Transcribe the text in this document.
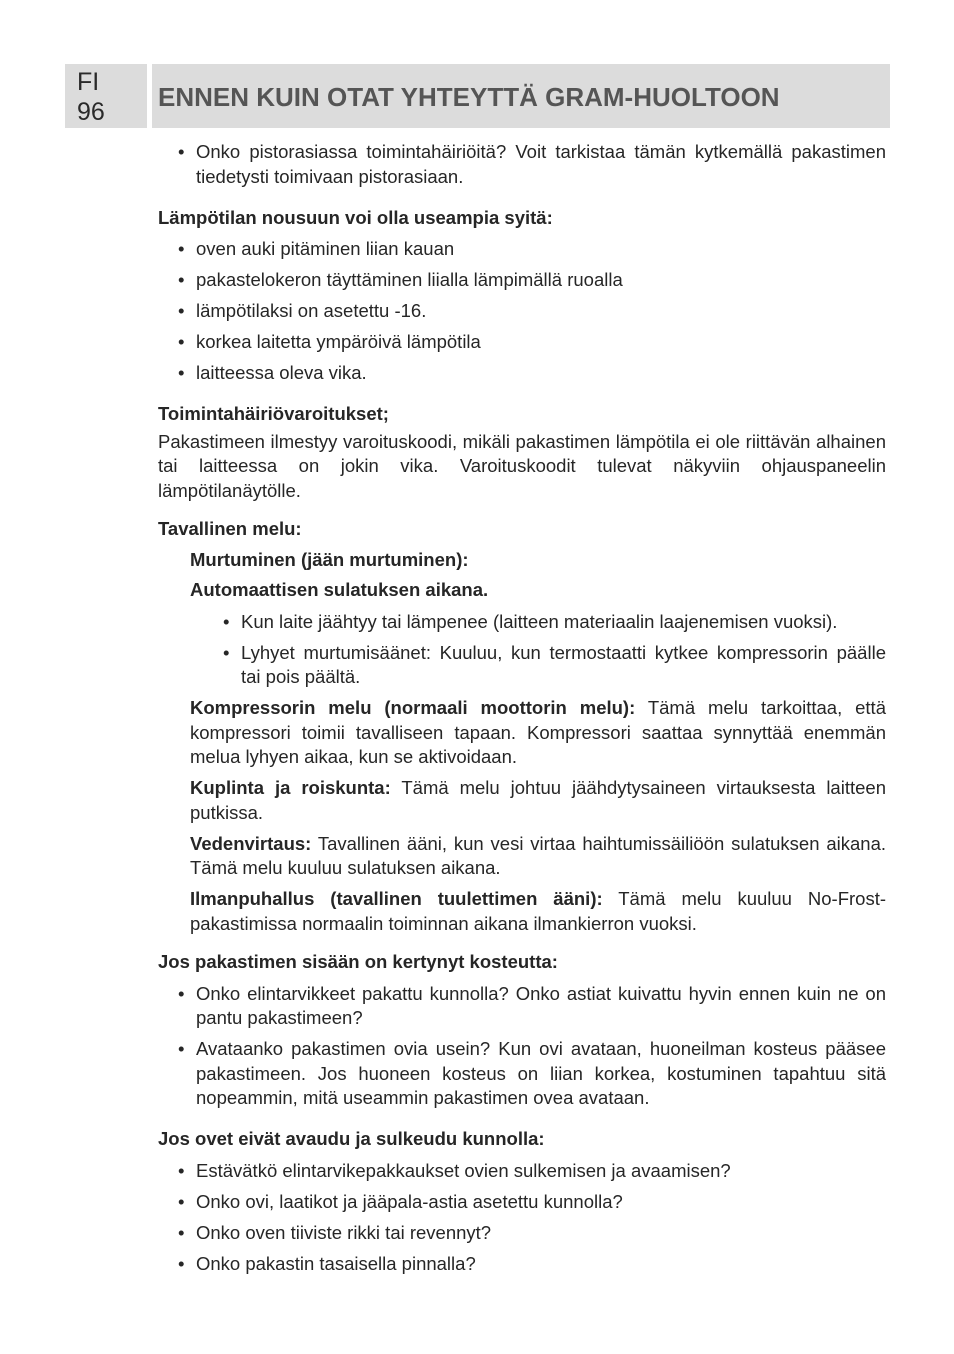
FI
96 ENNEN KUIN OTAT YHTEYTTÄ GRAM-HUOLTOON
• Onko pistorasiassa toimintahäiriöitä? Voit tarkistaa tämän kytkemällä pakastimen tiedetysti toimivaan pistorasiaan.

Lämpötilan nousuun voi olla useampia syitä:

• oven auki pitäminen liian kauan
• pakastelokeron täyttäminen liialla lämpimällä ruoalla
• lämpötilaksi on asetettu -16.
• korkea laitetta ympäröivä lämpötila
• laitteessa oleva vika.

Toimintahäiriövaroitukset;

Pakastimeen ilmestyy varoituskoodi, mikäli pakastimen lämpötila ei ole riittävän alhainen tai laitteessa on jokin vika. Varoituskoodit tulevat näkyviin ohjauspaneelin lämpötilanäytölle.

Tavallinen melu:

Murtuminen (jään murtuminen):

Automaattisen sulatuksen aikana.

• Kun laite jäähtyy tai lämpenee (laitteen materiaalin laajenemisen vuoksi).
• Lyhyet murtumisäänet: Kuuluu, kun termostaatti kytkee kompressorin päälle tai pois päältä.

Kompressorin melu (normaali moottorin melu): Tämä melu tarkoittaa, että kompressori toimii tavalliseen tapaan. Kompressori saattaa synnyttää enemmän melua lyhyen aikaa, kun se aktivoidaan.

Kuplinta ja roiskunta: Tämä melu johtuu jäähdytysaineen virtauksesta laitteen putkissa.

Vedenvirtaus: Tavallinen ääni, kun vesi virtaa haihtumissäiliöön sulatuksen aikana. Tämä melu kuuluu sulatuksen aikana.

Ilmanpuhallus (tavallinen tuulettimen ääni): Tämä melu kuuluu No-Frost-pakastimissa normaalin toiminnan aikana ilmankierron vuoksi.

Jos pakastimen sisään on kertynyt kosteutta:

• Onko elintarvikkeet pakattu kunnolla? Onko astiat kuivattu hyvin ennen kuin ne on pantu pakastimeen?
• Avataanko pakastimen ovia usein? Kun ovi avataan, huoneilman kosteus pääsee pakastimeen. Jos huoneen kosteus on liian korkea, kostuminen tapahtuu sitä nopeammin, mitä useammin pakastimen ovea avataan.

Jos ovet eivät avaudu ja sulkeudu kunnolla:

• Estävätkö elintarvikepakkaukset ovien sulkemisen ja avaamisen?
• Onko ovi, laatikot ja jääpala-astia asetettu kunnolla?
• Onko oven tiiviste rikki tai revennyt?
• Onko pakastin tasaisella pinnalla?
